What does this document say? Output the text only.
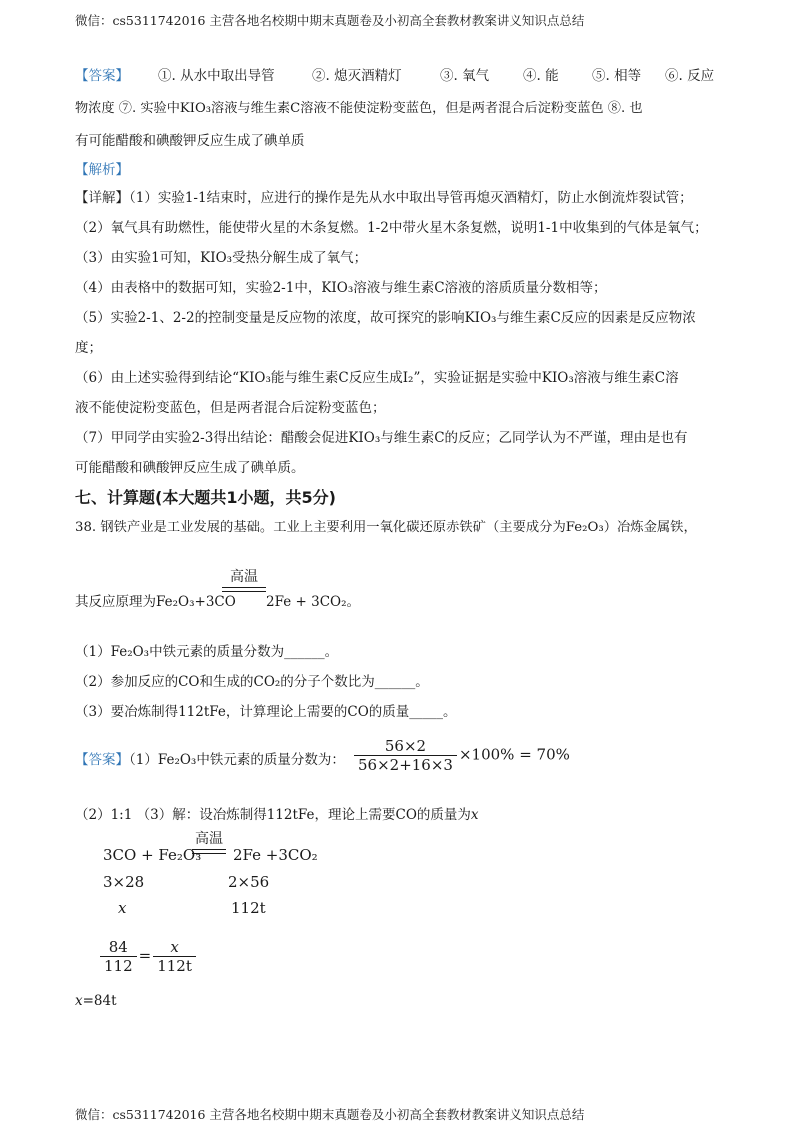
微信：cs5311742016 主营各地名校期中期末真题卷及小初高全套教材教案讲义知识点总结
微信：cs5311742016 主营各地名校期中期末真题卷及小初高全套教材教案讲义知识点总结
【答案】 ①. 从水中取出导管	②. 熄灭酒精灯	③. 氧气	④. 能 ⑤. 相等 ⑥. 反应
物浓度 ⑦. 实验中KIO₃溶液与维生素C溶液不能使淀粉变蓝色，但是两者混合后淀粉变蓝色 ⑧. 也
有可能醋酸和碘酸钾反应生成了碘单质
【解析】
【详解】（1）实验1-1结束时，应进行的操作是先从水中取出导管再熄灭酒精灯，防止水倒流炸裂试管；
（2）氧气具有助燃性，能使带火星的木条复燃。1-2中带火星木条复燃，说明1-1中收集到的气体是氧气；
（3）由实验1可知，KIO₃受热分解生成了氧气；
（4）由表格中的数据可知，实验2-1中，KIO₃溶液与维生素C溶液的溶质质量分数相等；
（5）实验2-1、2-2的控制变量是反应物的浓度，故可探究的影响KIO₃与维生素C反应的因素是反应物浓
度；
（6）由上述实验得到结论“KIO₃能与维生素C反应生成I₂”，实验证据是实验中KIO₃溶液与维生素C溶
液不能使淀粉变蓝色，但是两者混合后淀粉变蓝色；
（7）甲同学由实验2-3得出结论：醋酸会促进KIO₃与维生素C的反应；乙同学认为不严谨，理由是也有
可能醋酸和碘酸钾反应生成了碘单质。
七、计算题(本大题共1小题，共5分)
38. 钢铁产业是工业发展的基础。工业上主要利用一氧化碳还原赤铁矿（主要成分为Fe₂O₃）冶炼金属铁，
高温
其反应原理为Fe₂O₃+3CO 2Fe + 3CO₂。
（1）Fe₂O₃中铁元素的质量分数为______。
（2）参加反应的CO和生成的CO₂的分子个数比为______。
（3）要冶炼制得112tFe，计算理论上需要的CO的质量_____。
【答案】（1）Fe₂O₃中铁元素的质量分数为： $\frac{56\times 2}{56\times 2+16\times 3} \times 100\% = 70\%$
（2）1:1 （3）解：设冶炼制得112tFe，理论上需要CO的质量为x
高温
3CO + Fe₂O₃ 2Fe +3CO₂
3×28	2×56
x	112t
$\frac{84}{112} = \frac{x}{112t}$
x=84t
